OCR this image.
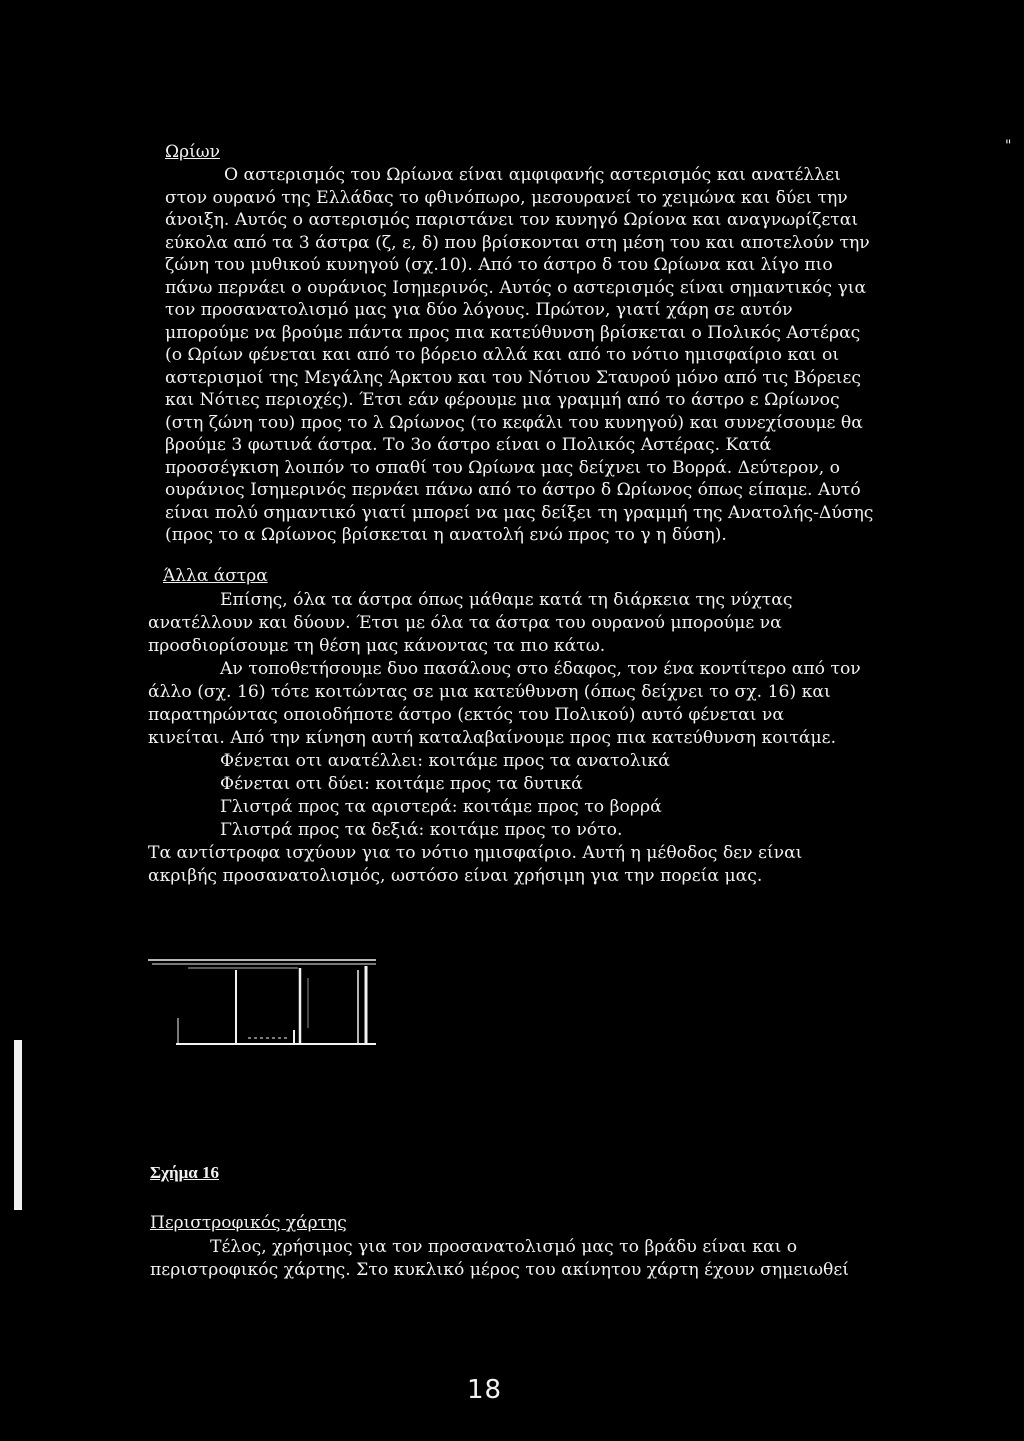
"
Ωρίων
Ο αστερισμός του Ωρίωνα είναι αμφιφανής αστερισμός και ανατέλλει
στον ουρανό της Ελλάδας το φθινόπωρο, μεσουρανεί το χειμώνα και δύει την
άνοιξη. Αυτός ο αστερισμός παριστάνει τον κυνηγό Ωρίονα και αναγνωρίζεται
εύκολα από τα 3 άστρα (ζ, ε, δ) που βρίσκονται στη μέση του και αποτελούν την
ζώνη του μυθικού κυνηγού (σχ.10). Από το άστρο δ του Ωρίωνα και λίγο πιο
πάνω περνάει ο ουράνιος Ισημερινός. Αυτός ο αστερισμός είναι σημαντικός για
τον προσανατολισμό μας για δύο λόγους. Πρώτον, γιατί χάρη σε αυτόν
μπορούμε να βρούμε πάντα προς πια κατεύθυνση βρίσκεται ο Πολικός Αστέρας
(ο Ωρίων φένεται και από το βόρειο αλλά και από το νότιο ημισφαίριο και οι
αστερισμοί της Μεγάλης Άρκτου και του Νότιου Σταυρού μόνο από τις Βόρειες
και Νότιες περιοχές). Έτσι εάν φέρουμε μια γραμμή από το άστρο ε Ωρίωνος
(στη ζώνη του) προς το λ Ωρίωνος (το κεφάλι του κυνηγού) και συνεχίσουμε θα
βρούμε 3 φωτινά άστρα. Το 3ο άστρο είναι ο Πολικός Αστέρας. Κατά
προσσέγκιση λοιπόν το σπαθί του Ωρίωνα μας δείχνει το Βορρά. Δεύτερον, ο
ουράνιος Ισημερινός περνάει πάνω από το άστρο δ Ωρίωνος όπως είπαμε. Αυτό
είναι πολύ σημαντικό γιατί μπορεί να μας δείξει τη γραμμή της Ανατολής-Δύσης
(προς το α Ωρίωνος βρίσκεται η ανατολή ενώ προς το γ η δύση).
Άλλα άστρα
Επίσης, όλα τα άστρα όπως μάθαμε κατά τη διάρκεια της νύχτας
ανατέλλουν και δύουν. Έτσι με όλα τα άστρα του ουρανού μπορούμε να
προσδιορίσουμε τη θέση μας κάνοντας τα πιο κάτω.
Αν τοποθετήσουμε δυο πασάλους στο έδαφος, τον ένα κοντίτερο από τον
άλλο (σχ. 16) τότε κοιτώντας σε μια κατεύθυνση (όπως δείχνει το σχ. 16) και
παρατηρώντας οποιοδήποτε άστρο (εκτός του Πολικού) αυτό φένεται να
κινείται. Από την κίνηση αυτή καταλαβαίνουμε προς πια κατεύθυνση κοιτάμε.
Φένεται οτι ανατέλλει: κοιτάμε προς τα ανατολικά
Φένεται οτι δύει: κοιτάμε προς τα δυτικά
Γλιστρά προς τα αριστερά: κοιτάμε προς το βορρά
Γλιστρά προς τα δεξιά: κοιτάμε προς το νότο.
Τα αντίστροφα ισχύουν για το νότιο ημισφαίριο. Αυτή η μέθοδος δεν είναι
ακριβής προσανατολισμός, ωστόσο είναι χρήσιμη για την πορεία μας.
Σχήμα 16
Περιστροφικός χάρτης
Τέλος, χρήσιμος για τον προσανατολισμό μας το βράδυ είναι και ο
περιστροφικός χάρτης. Στο κυκλικό μέρος του ακίνητου χάρτη έχουν σημειωθεί
18
